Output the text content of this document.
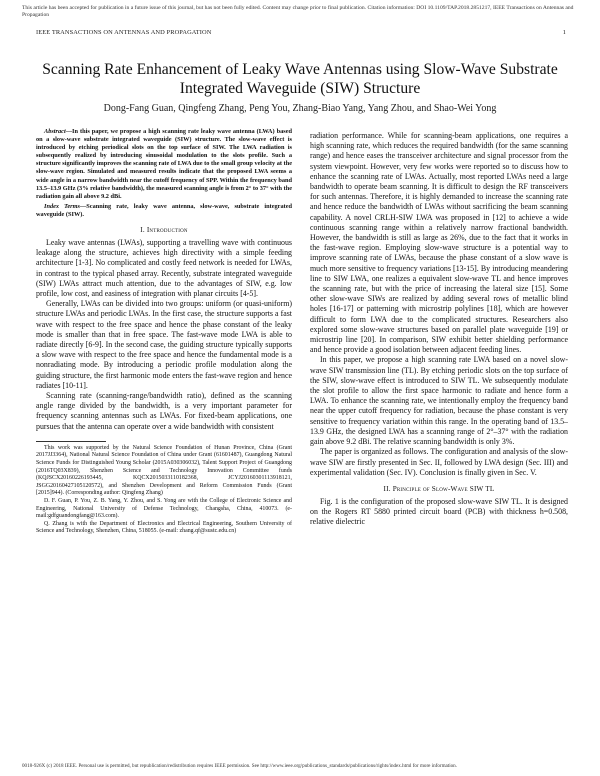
This article has been accepted for publication in a future issue of this journal, but has not been fully edited. Content may change prior to final publication. Citation information: DOI 10.1109/TAP.2018.2851217, IEEE Transactions on Antennas and Propagation
IEEE TRANSACTIONS ON ANTENNAS AND PROPAGATION	1
Scanning Rate Enhancement of Leaky Wave Antennas using Slow-Wave Substrate Integrated Waveguide (SIW) Structure
Dong-Fang Guan, Qingfeng Zhang, Peng You, Zhang-Biao Yang, Yang Zhou, and Shao-Wei Yong

Abstract—In this paper, we propose a high scanning rate leaky wave antenna (LWA) based on a slow-wave substrate integrated waveguide (SIW) structure. The slow-wave effect is introduced by etching periodical slots on the top surface of SIW. The LWA radiation is subsequently realized by introducing sinusoidal modulation to the slots profile. Such a structure significantly improves the scanning rate of LWA due to the small group velocity at the slow-wave region. Simulated and measured results indicate that the proposed LWA seems a wide angle in a narrow bandwidth near the cutoff frequency of SPP. Within the frequency band 13.5–13.9 GHz (3% relative bandwidth), the measured scanning angle is from 2° to 37° with the radiation gain all above 9.2 dBi.

Index Terms—Scanning rate, leaky wave antenna, slow-wave, substrate integrated waveguide (SIW).

I. Introduction

Leaky wave antennas (LWAs), supporting a travelling wave with continuous leakage along the structure, achieves high directivity with a simple feeding architecture [1-3]. No complicated and costly feed network is needed for LWAs, in contrast to the typical phased array. Recently, substrate integrated waveguide (SIW) LWAs attract much attention, due to the advantages of SIW, e.g. low profile, low cost, and easiness of integration with planar circuits [4-5].

Generally, LWAs can be divided into two groups: uniform (or quasi-uniform) structure LWAs and periodic LWAs. In the first case, the structure supports a fast wave with respect to the free space and hence the phase constant of the leaky mode is smaller than that in free space. The fast-wave mode LWA is able to radiate directly [6-9]. In the second case, the guiding structure typically supports a slow wave with respect to the free space and hence the fundamental mode is a nonradiating mode. By introducing a periodic profile modulation along the guiding structure, the first harmonic mode enters the fast-wave region and hence radiates [10-11].

Scanning rate (scanning-range/bandwidth ratio), defined as the scanning angle range divided by the bandwidth, is a very important parameter for frequency scanning antennas such as LWAs. For fixed-beam applications, one pursues that the antenna can operate over a wide bandwidth with consistent

This work was supported by the Natural Science Foundation of Hunan Province, China (Grant 2017JJ3364), National Natural Science Foundation of China under Grant (61601487), Guangdong Natural Science Funds for Distinguished Young Scholar (2015A030306032), Talent Support Project of Guangdong (2016TQ03X839), Shenzhen Science and Technology Innovation Committee funds (KQJSCX20160226193445, KQCX2015033110182368, JCYJ20160301113918121, JSGG20160427105120572), and Shenzhen Development and Reform Commission Funds (Grant [2015]944). (Corresponding author: Qingfeng Zhang)

D. F. Guan, P. You, Z. B. Yang, Y. Zhou, and S. Yong are with the College of Electronic Science and Engineering, National University of Defense Technology, Changsha, China, 410073. (e-mail:gdfguandongfang@163.com).

Q. Zhang is with the Department of Electronics and Electrical Engineering, Southern University of Science and Technology, Shenzhen, China, 518055. (e-mail: zhang.qf@sustc.edu.cn)

radiation performance. While for scanning-beam applications, one requires a high scanning rate, which reduces the required bandwidth (for the same scanning range) and hence eases the transceiver architecture and signal processor from the system viewpoint. However, very few works were reported so to discuss how to enhance the scanning rate of LWAs. Actually, most reported LWAs need a large bandwidth to operate beam scanning. It is difficult to design the RF transceivers for such antennas. Therefore, it is highly demanded to increase the scanning rate and hence reduce the bandwidth of LWAs without sacrificing the beam scanning capability. A novel CRLH-SIW LWA was proposed in [12] to achieve a wide continuous scanning range within a relatively narrow fractional bandwidth. However, the bandwidth is still as large as 26%, due to the fact that it works in the fast-wave region. Employing slow-wave structure is a potential way to improve scanning rate of LWAs, because the phase constant of a slow wave is much more sensitive to frequency variations [13-15]. By introducing meandering line to SIW LWA, one realizes a equivalent slow-wave TL and hence improves the scanning rate, but with the price of increasing the lateral size [15]. Some other slow-wave SIWs are realized by adding several rows of metallic blind holes [16-17] or patterning with microstrip polylines [18], which are however difficult to form LWA due to the complicated structures. Researchers also explored some slow-wave structures based on parallel plate waveguide [19] or microstrip line [20]. In comparison, SIW exhibit better shielding performance and hence provide a good isolation between adjacent feeding lines.

In this paper, we propose a high scanning rate LWA based on a novel slow-wave SIW transmission line (TL). By etching periodic slots on the top surface of the SIW, slow-wave effect is introduced to SIW TL. We subsequently modulate the slot profile to allow the first space harmonic to radiate and hence form a LWA. To enhance the scanning rate, we intentionally employ the frequency band near the upper cutoff frequency for radiation, because the phase constant is very sensitive to frequency variation within this range. In the operating band of 13.5–13.9 GHz, the designed LWA has a scanning range of 2°–37° with the radiation gain above 9.2 dBi. The relative scanning bandwidth is only 3%.

The paper is organized as follows. The configuration and analysis of the slow-wave SIW are firstly presented in Sec. II, followed by LWA design (Sec. III) and experimental validation (Sec. IV). Conclusion is finally given in Sec. V.

II. Principle of Slow-Wave SIW TL

Fig. 1 is the configuration of the proposed slow-wave SIW TL. It is designed on the Rogers RT 5880 printed circuit board (PCB) with thickness h=0.508, relative dielectric

0018-926X (c) 2018 IEEE. Personal use is permitted, but republication/redistribution requires IEEE permission. See http://www.ieee.org/publications_standards/publications/rights/index.html for more information.
